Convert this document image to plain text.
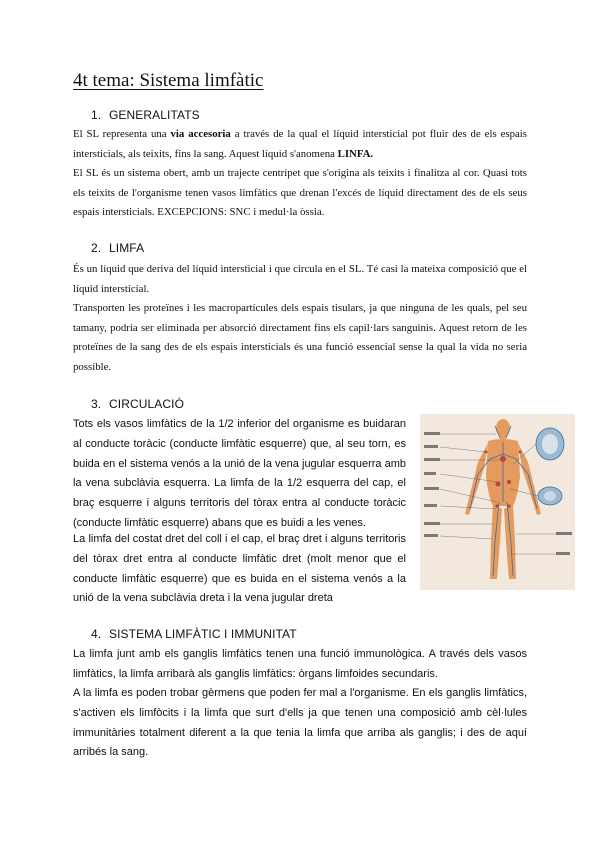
4t tema: Sistema limfàtic
1. GENERALITATS

El SL representa una via accesoria a través de la qual el líquid intersticial pot fluir des de els espais intersticials, als teixits, fins la sang. Aquest líquid s'anomena LINFA.

El SL és un sistema obert, amb un trajecte centrípet que s'origina als teixits i finalitza al cor. Quasi tots els teixits de l'organisme tenen vasos limfàtics que drenan l'excés de líquid directament des de els seus espais intersticials. EXCEPCIONS: SNC i medul·la òssia.

2. LIMFA

És un líquid que deriva del líquid intersticial i que circula en el SL. Té casi la mateixa composició que el líquid intersticial.

Transporten les proteïnes i les macropartícules dels espais tisulars, ja que ninguna de les quals, pel seu tamany, podria ser eliminada per absorció directament fins els capil·lars sanguinis. Aquest retorn de les proteïnes de la sang des de els espais intersticials és una funció essencial sense la qual la vida no seria possible.

3. CIRCULACIÓ

Tots els vasos limfàtics de la 1/2 inferior del organisme es buidaran al conducte toràcic (conducte limfàtic esquerre) que, al seu torn, es buida en el sistema venós a la unió de la vena jugular esquerra amb la vena subclàvia esquerra. La limfa de la 1/2 esquerra del cap, el braç esquerre i alguns territoris del tòrax entra al conducte toràcic (conducte limfàtic esquerre) abans que es buidi a les venes.

La limfa del costat dret del coll i el cap, el braç dret i alguns territoris del tòrax dret entra al conducte limfàtic dret (molt menor que el conducte limfàtic esquerre) que es buida en el sistema venós a la unió de la vena subclàvia dreta i la vena jugular dreta

4. SISTEMA LIMFÀTIC I IMMUNITAT

La limfa junt amb els ganglis limfàtics tenen una funció immunològica. A través dels vasos limfàtics, la limfa arribarà als ganglis limfàtics: òrgans limfoides secundaris.

A la limfa es poden trobar gèrmens que poden fer mal a l'organisme. En els ganglis limfàtics, s'activen els limfòcits i la limfa que surt d'ells ja que tenen una composició amb cèl·lules immunitàries totalment diferent a la que tenia la limfa que arriba als ganglis; i des de aquí arribés la sang.
